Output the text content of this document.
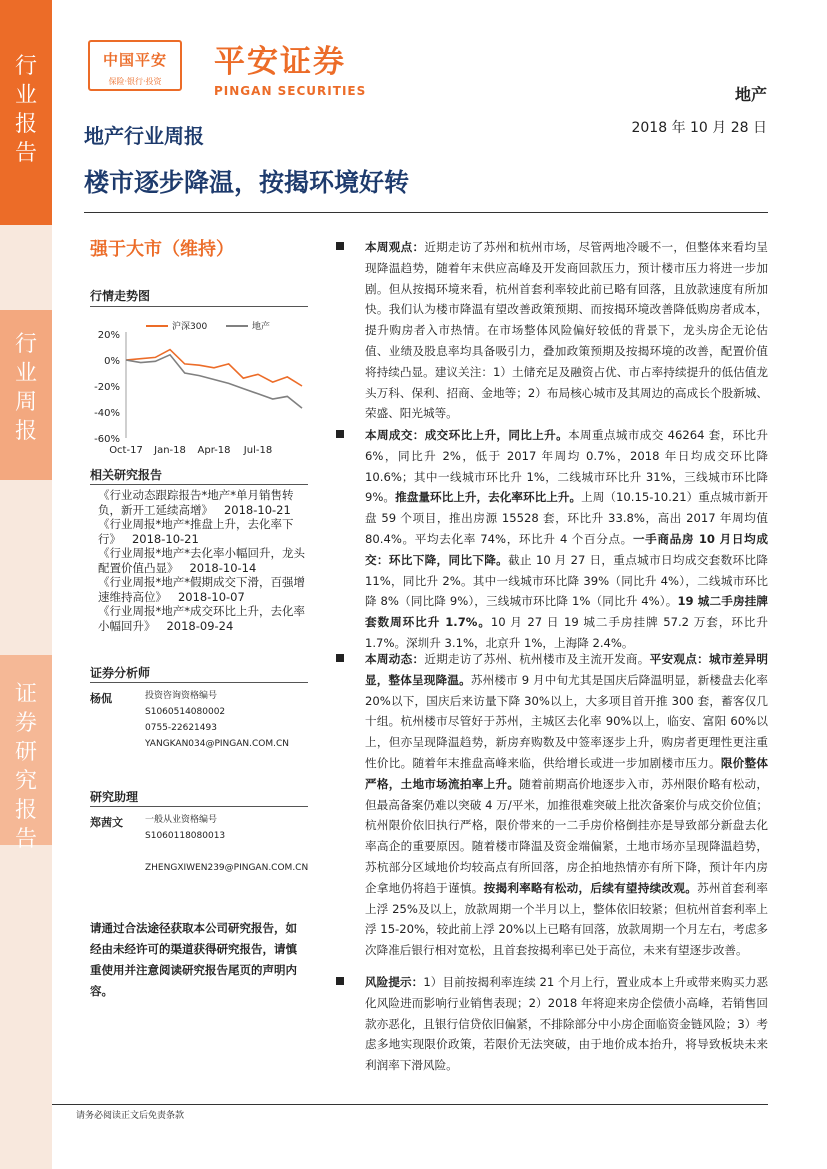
行
业
报
告
行
业
周
报
证
券
研
究
报
告
中国平安
保险·银行·投资
平安证券
PINGAN SECURITIES	地产
地产行业周报	2018 年 10 月 28 日
楼市逐步降温，按揭环境好转
强于大市（维持）
行情走势图
20%
0%
-20%
-40%
-60%
Oct-17 Jan-18 Apr-18 Jul-18
沪深300	地产
相关研究报告
《行业动态跟踪报告*地产*单月销售转负，新开工延续高增》   2018-10-21
《行业周报*地产*推盘上升，去化率下行》   2018-10-21
《行业周报*地产*去化率小幅回升，龙头配置价值凸显》   2018-10-14
《行业周报*地产*假期成交下滑，百强增速维持高位》   2018-10-07
《行业周报*地产*成交环比上升，去化率小幅回升》   2018-09-24
证券分析师
杨侃	投资咨询资格编号
S1060514080002
0755-22621493
YANGKAN034@PINGAN.COM.CN
研究助理
郑茜文 一般从业资格编号
S1060118080013
ZHENGXIWEN239@PINGAN.COM.CN
请通过合法途径获取本公司研究报告，如经由未经许可的渠道获得研究报告，请慎重使用并注意阅读研究报告尾页的声明内容。
本周观点：近期走访了苏州和杭州市场，尽管两地冷暖不一，但整体来看均呈现降温趋势，随着年末供应高峰及开发商回款压力，预计楼市压力将进一步加剧。但从按揭环境来看，杭州首套利率较此前已略有回落，且放款速度有所加快。我们认为楼市降温有望改善政策预期、而按揭环境改善降低购房者成本，提升购房者入市热情。在市场整体风险偏好较低的背景下，龙头房企无论估值、业绩及股息率均具备吸引力，叠加政策预期及按揭环境的改善，配置价值将持续凸显。建议关注：1）土储充足及融资占优、市占率持续提升的低估值龙头万科、保利、招商、金地等；2）布局核心城市及其周边的高成长个股新城、荣盛、阳光城等。
本周成交：成交环比上升，同比上升。本周重点城市成交 46264 套，环比升 6%，同比升 2%，低于 2017 年周均 0.7%，2018 年日均成交环比降 10.6%；其中一线城市环比升 1%，二线城市环比升 31%，三线城市环比降 9%。推盘量环比上升，去化率环比上升。上周（10.15-10.21）重点城市新开盘 59 个项目，推出房源 15528 套，环比升 33.8%，高出 2017 年周均值 80.4%。平均去化率 74%，环比升 4 个百分点。一手商品房 10 月日均成交：环比下降，同比下降。截止 10 月 27 日，重点城市日均成交套数环比降 11%，同比升 2%。其中一线城市环比降 39%（同比升 4%），二线城市环比降 8%（同比降 9%），三线城市环比降 1%（同比升 4%）。19 城二手房挂牌套数周环比升 1.7%。10 月 27 日 19 城二手房挂牌 57.2 万套，环比升 1.7%。深圳升 3.1%，北京升 1%，上海降 2.4%。
本周动态：近期走访了苏州、杭州楼市及主流开发商。平安观点：城市差异明显，整体呈现降温。苏州楼市 9 月中旬尤其是国庆后降温明显，新楼盘去化率 20%以下，国庆后来访量下降 30%以上，大多项目首开推 300 套，蓄客仅几十组。杭州楼市尽管好于苏州，主城区去化率 90%以上，临安、富阳 60%以上，但亦呈现降温趋势，新房弃购数及中签率逐步上升，购房者更理性更注重性价比。随着年末推盘高峰来临，供给增长或进一步加剧楼市压力。限价整体严格，土地市场流拍率上升。随着前期高价地逐步入市，苏州限价略有松动，但最高备案仍难以突破 4 万/平米，加推很难突破上批次备案价与成交价位值；杭州限价依旧执行严格，限价带来的一二手房价格倒挂亦是导致部分新盘去化率高企的重要原因。随着楼市降温及资金端偏紧，土地市场亦呈现降温趋势，苏杭部分区域地价均较高点有所回落，房企拍地热情亦有所下降，预计年内房企拿地仍将趋于谨慎。按揭利率略有松动，后续有望持续改观。苏州首套利率上浮 25%及以上，放款周期一个半月以上，整体依旧较紧；但杭州首套利率上浮 15-20%，较此前上浮 20%以上已略有回落，放款周期一个月左右，考虑多次降准后银行相对宽松，且首套按揭利率已处于高位，未来有望逐步改善。
风险提示：1）目前按揭利率连续 21 个月上行，置业成本上升或带来购买力恶化风险进而影响行业销售表现；2）2018 年将迎来房企偿债小高峰，若销售回款亦恶化，且银行信贷依旧偏紧，不排除部分中小房企面临资金链风险；3）考虑多地实现限价政策，若限价无法突破，由于地价成本抬升，将导致板块未来利润率下滑风险。
请务必阅读正文后免责条款
